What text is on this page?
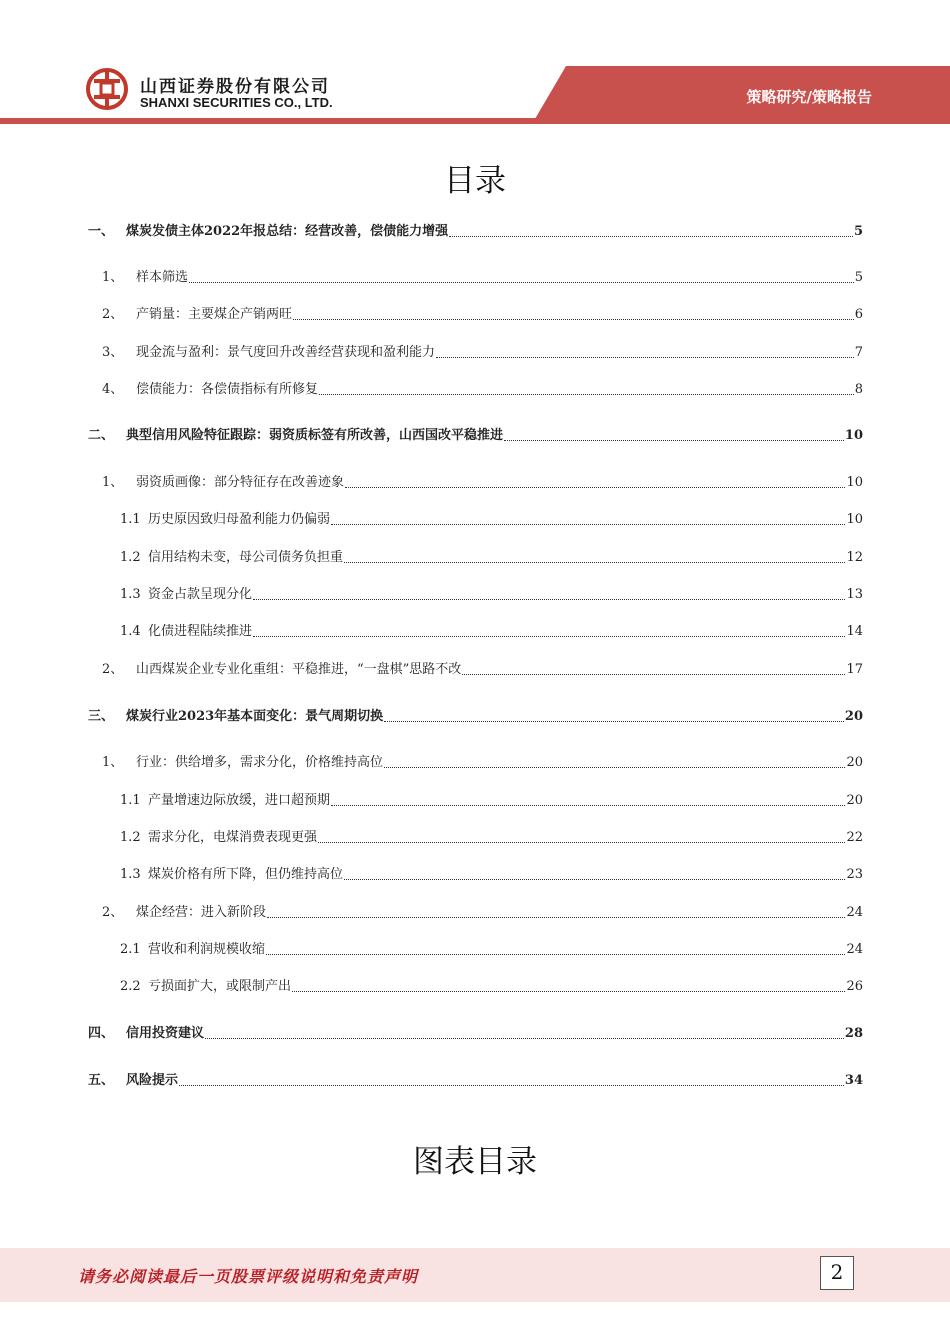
山西证券股份有限公司
SHANXI SECURITIES CO., LTD.	策略研究/策略报告
目录
一、 煤炭发债主体2022年报总结：经营改善，偿债能力增强	5
1、 样本筛选	5
2、 产销量：主要煤企产销两旺	6
3、 现金流与盈利：景气度回升改善经营获现和盈利能力	7
4、 偿债能力：各偿债指标有所修复	8
二、 典型信用风险特征跟踪：弱资质标签有所改善，山西国改平稳推进	10
1、 弱资质画像：部分特征存在改善迹象	10
1.1 历史原因致归母盈利能力仍偏弱	10
1.2 信用结构未变，母公司债务负担重	12
1.3 资金占款呈现分化	13
1.4 化债进程陆续推进	14
2、 山西煤炭企业专业化重组：平稳推进，“一盘棋”思路不改	17
三、 煤炭行业2023年基本面变化：景气周期切换	20
1、 行业：供给增多，需求分化，价格维持高位	20
1.1 产量增速边际放缓，进口超预期	20
1.2 需求分化，电煤消费表现更强	22
1.3 煤炭价格有所下降，但仍维持高位	23
2、 煤企经营：进入新阶段	24
2.1 营收和利润规模收缩	24
2.2 亏损面扩大，或限制产出	26
四、 信用投资建议	28
五、 风险提示	34
图表目录
请务必阅读最后一页股票评级说明和免责声明	2
